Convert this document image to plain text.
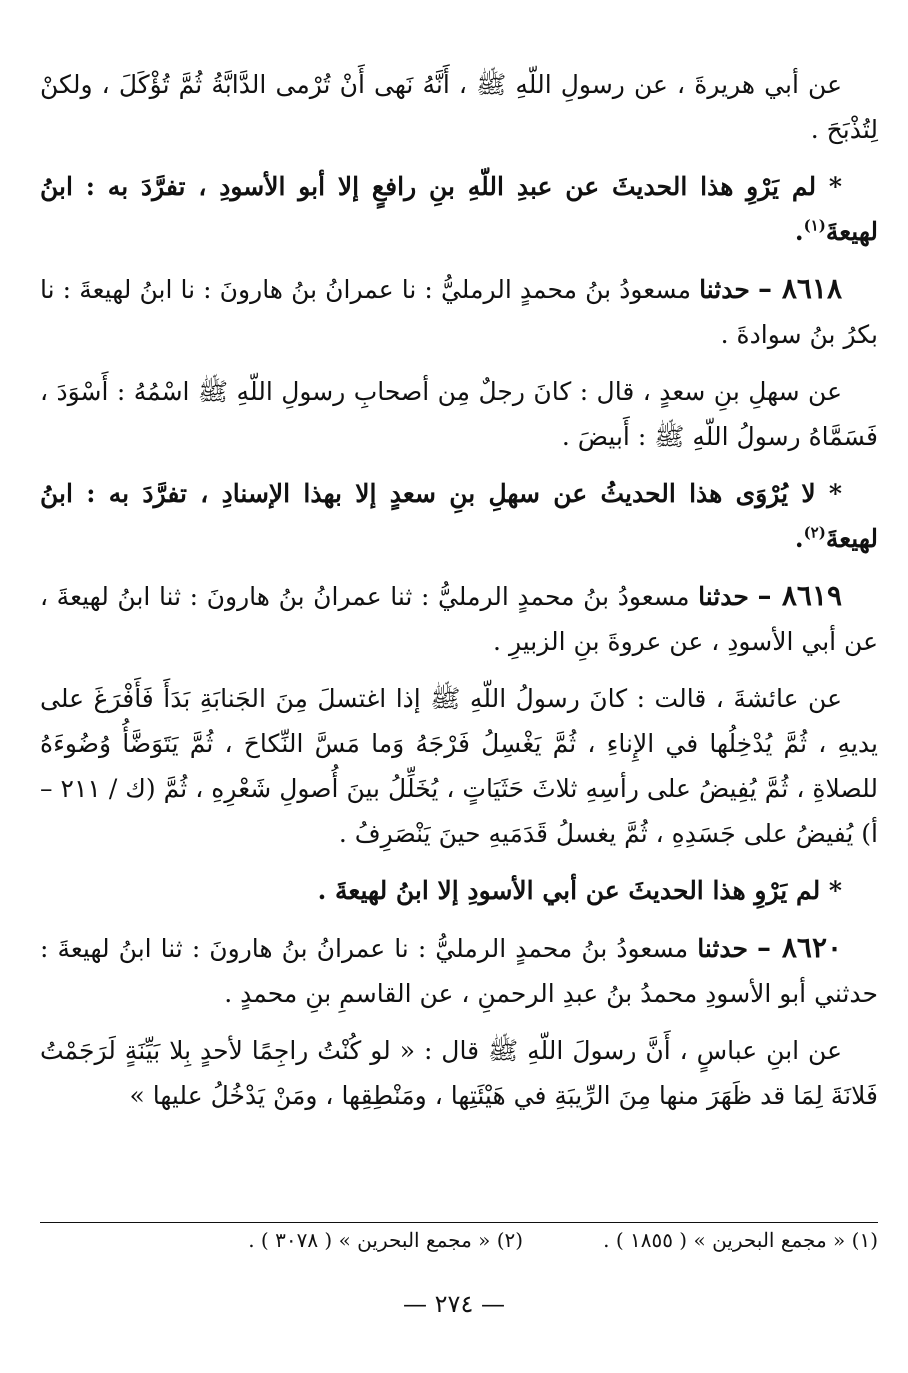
عن أبي هريرةَ ، عن رسولِ اللّهِ ﷺ ، أَنَّهُ نَهى أَنْ تُرْمى الدَّابَّةُ ثُمَّ تُؤْكَلَ ، ولكنْ لِتُذْبَحَ .

* لم يَرْوِ هذا الحديثَ عن عبدِ اللّهِ بنِ رافعٍ إلا أبو الأسودِ ، تفرَّدَ به : ابنُ لهيعةَ$^{(١)}$.

٨٦١٨ – حدثنا مسعودُ بنُ محمدٍ الرمليُّ : نا عمرانُ بنُ هارونَ : نا ابنُ لهيعةَ : نا بكرُ بنُ سوادةَ .

عن سهلِ بنِ سعدٍ ، قال : كانَ رجلٌ مِن أصحابِ رسولِ اللّهِ ﷺ اسْمُهُ : أَسْوَدَ ، فَسَمَّاهُ رسولُ اللّهِ ﷺ : أَبيضَ .

* لا يُرْوَى هذا الحديثُ عن سهلِ بنِ سعدٍ إلا بهذا الإسنادِ ، تفرَّدَ به : ابنُ لهيعةَ$^{(٢)}$.

٨٦١٩ – حدثنا مسعودُ بنُ محمدٍ الرمليُّ : ثنا عمرانُ بنُ هارونَ : ثنا ابنُ لهيعةَ ، عن أبي الأسودِ ، عن عروةَ بنِ الزبيرِ .

عن عائشةَ ، قالت : كانَ رسولُ اللّهِ ﷺ إذا اغتسلَ مِنَ الجَنابَةِ بَدَأَ فَأَفْرَغَ على يديهِ ، ثُمَّ يُدْخِلُها في الإِناءِ ، ثُمَّ يَغْسِلُ فَرْجَهُ وَما مَسَّ النِّكاحَ ، ثُمَّ يَتَوَضَّأُ وُضُوءَهُ للصلاةِ ، ثُمَّ يُفِيضُ على رأسِهِ ثلاثَ حَثَيَاتٍ ، يُخَلِّلُ بينَ أُصولِ شَعْرِهِ ، ثُمَّ (ك / ٢١١ – أ) يُفيضُ على جَسَدِهِ ، ثُمَّ يغسلُ قَدَمَيهِ حينَ يَنْصَرِفُ .

* لم يَرْوِ هذا الحديثَ عن أبي الأسودِ إلا ابنُ لهيعةَ .

٨٦٢٠ – حدثنا مسعودُ بنُ محمدٍ الرمليُّ : نا عمرانُ بنُ هارونَ : ثنا ابنُ لهيعةَ : حدثني أبو الأسودِ محمدُ بنُ عبدِ الرحمنِ ، عن القاسمِ بنِ محمدٍ .

عن ابنِ عباسٍ ، أَنَّ رسولَ اللّهِ ﷺ قال : « لو كُنْتُ راجِمًا لأحدٍ بِلا بَيِّنَةٍ لَرَجَمْتُ فَلانَةَ لِمَا قد ظَهَرَ منها مِنَ الرِّيبَةِ في هَيْئَتِها ، ومَنْطِقِها ، ومَنْ يَدْخُلُ عليها »

(١) « مجمع البحرين » ( ١٨٥٥ ) .
(٢) « مجمع البحرين » ( ٣٠٧٨ ) .
— ٢٧٤ —
